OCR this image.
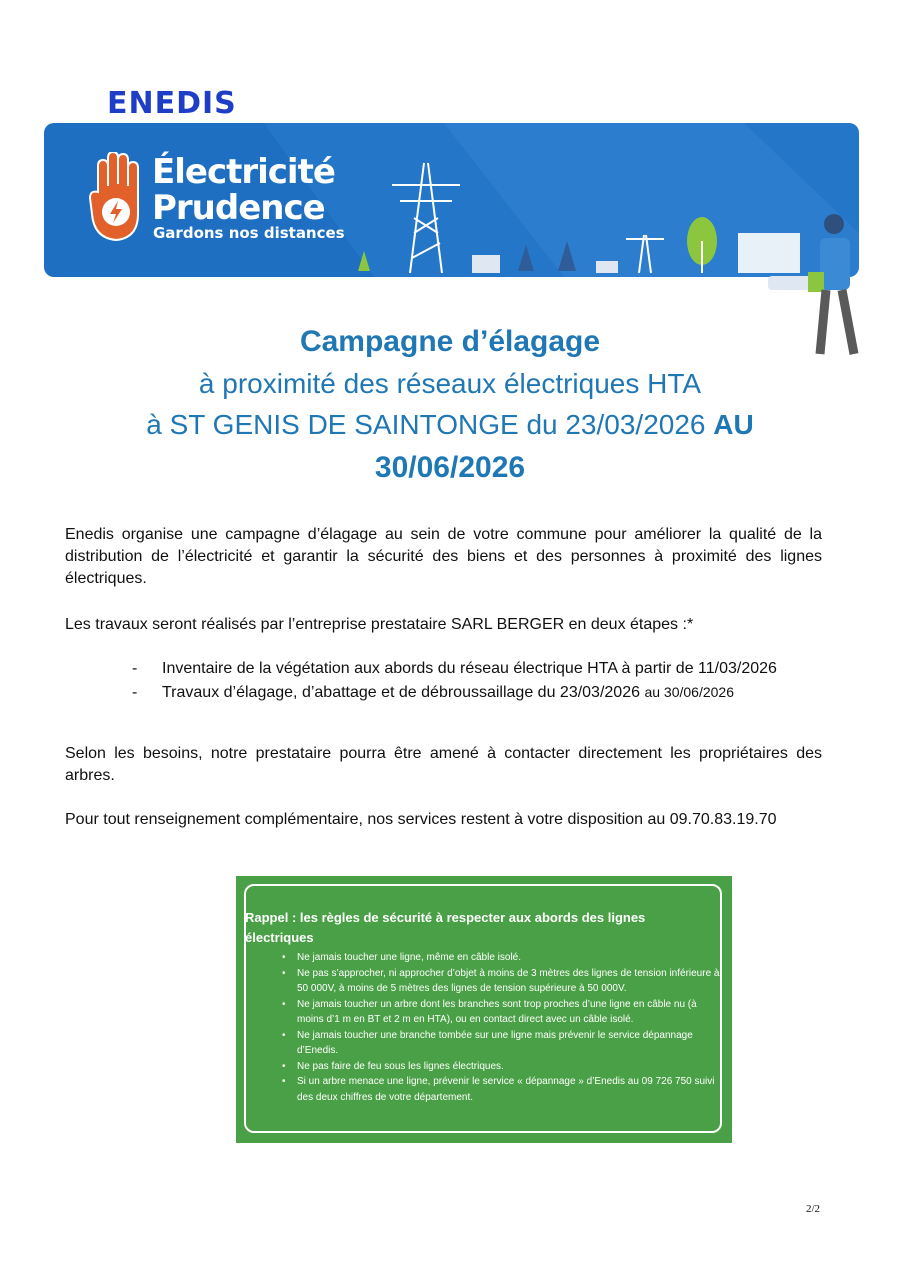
ENEDIS
Électricité
Prudence
Gardons nos distances
Campagne d’élagage
à proximité des réseaux électriques HTA
à ST GENIS DE SAINTONGE du 23/03/2026 AU
30/06/2026
Enedis organise une campagne d’élagage au sein de votre commune pour améliorer la qualité de la distribution de l’électricité et garantir la sécurité des biens et des personnes à proximité des lignes électriques.
Les travaux seront réalisés par l’entreprise prestataire SARL BERGER en deux étapes :*
- Inventaire de la végétation aux abords du réseau électrique HTA à partir de 11/03/2026
- Travaux d’élagage, d’abattage et de débroussaillage du 23/03/2026 au 30/06/2026
Selon les besoins, notre prestataire pourra être amené à contacter directement les propriétaires des arbres.
Pour tout renseignement complémentaire, nos services restent à votre disposition au 09.70.83.19.70
Rappel : les règles de sécurité à respecter aux abords des lignes électriques
•	Ne jamais toucher une ligne, même en câble isolé.
•	Ne pas s’approcher, ni approcher d’objet à moins de 3 mètres des lignes de tension inférieure à 50 000V, à moins de 5 mètres des lignes de tension supérieure à 50 000V.
•	Ne jamais toucher un arbre dont les branches sont trop proches d’une ligne en câble nu (à moins d’1 m en BT et 2 m en HTA), ou en contact direct avec un câble isolé.
•	Ne jamais toucher une branche tombée sur une ligne mais prévenir le service dépannage d’Enedis.
•	Ne pas faire de feu sous les lignes électriques.
•	Si un arbre menace une ligne, prévenir le service « dépannage » d’Enedis au 09 726 750 suivi des deux chiffres de votre département.
2/2
